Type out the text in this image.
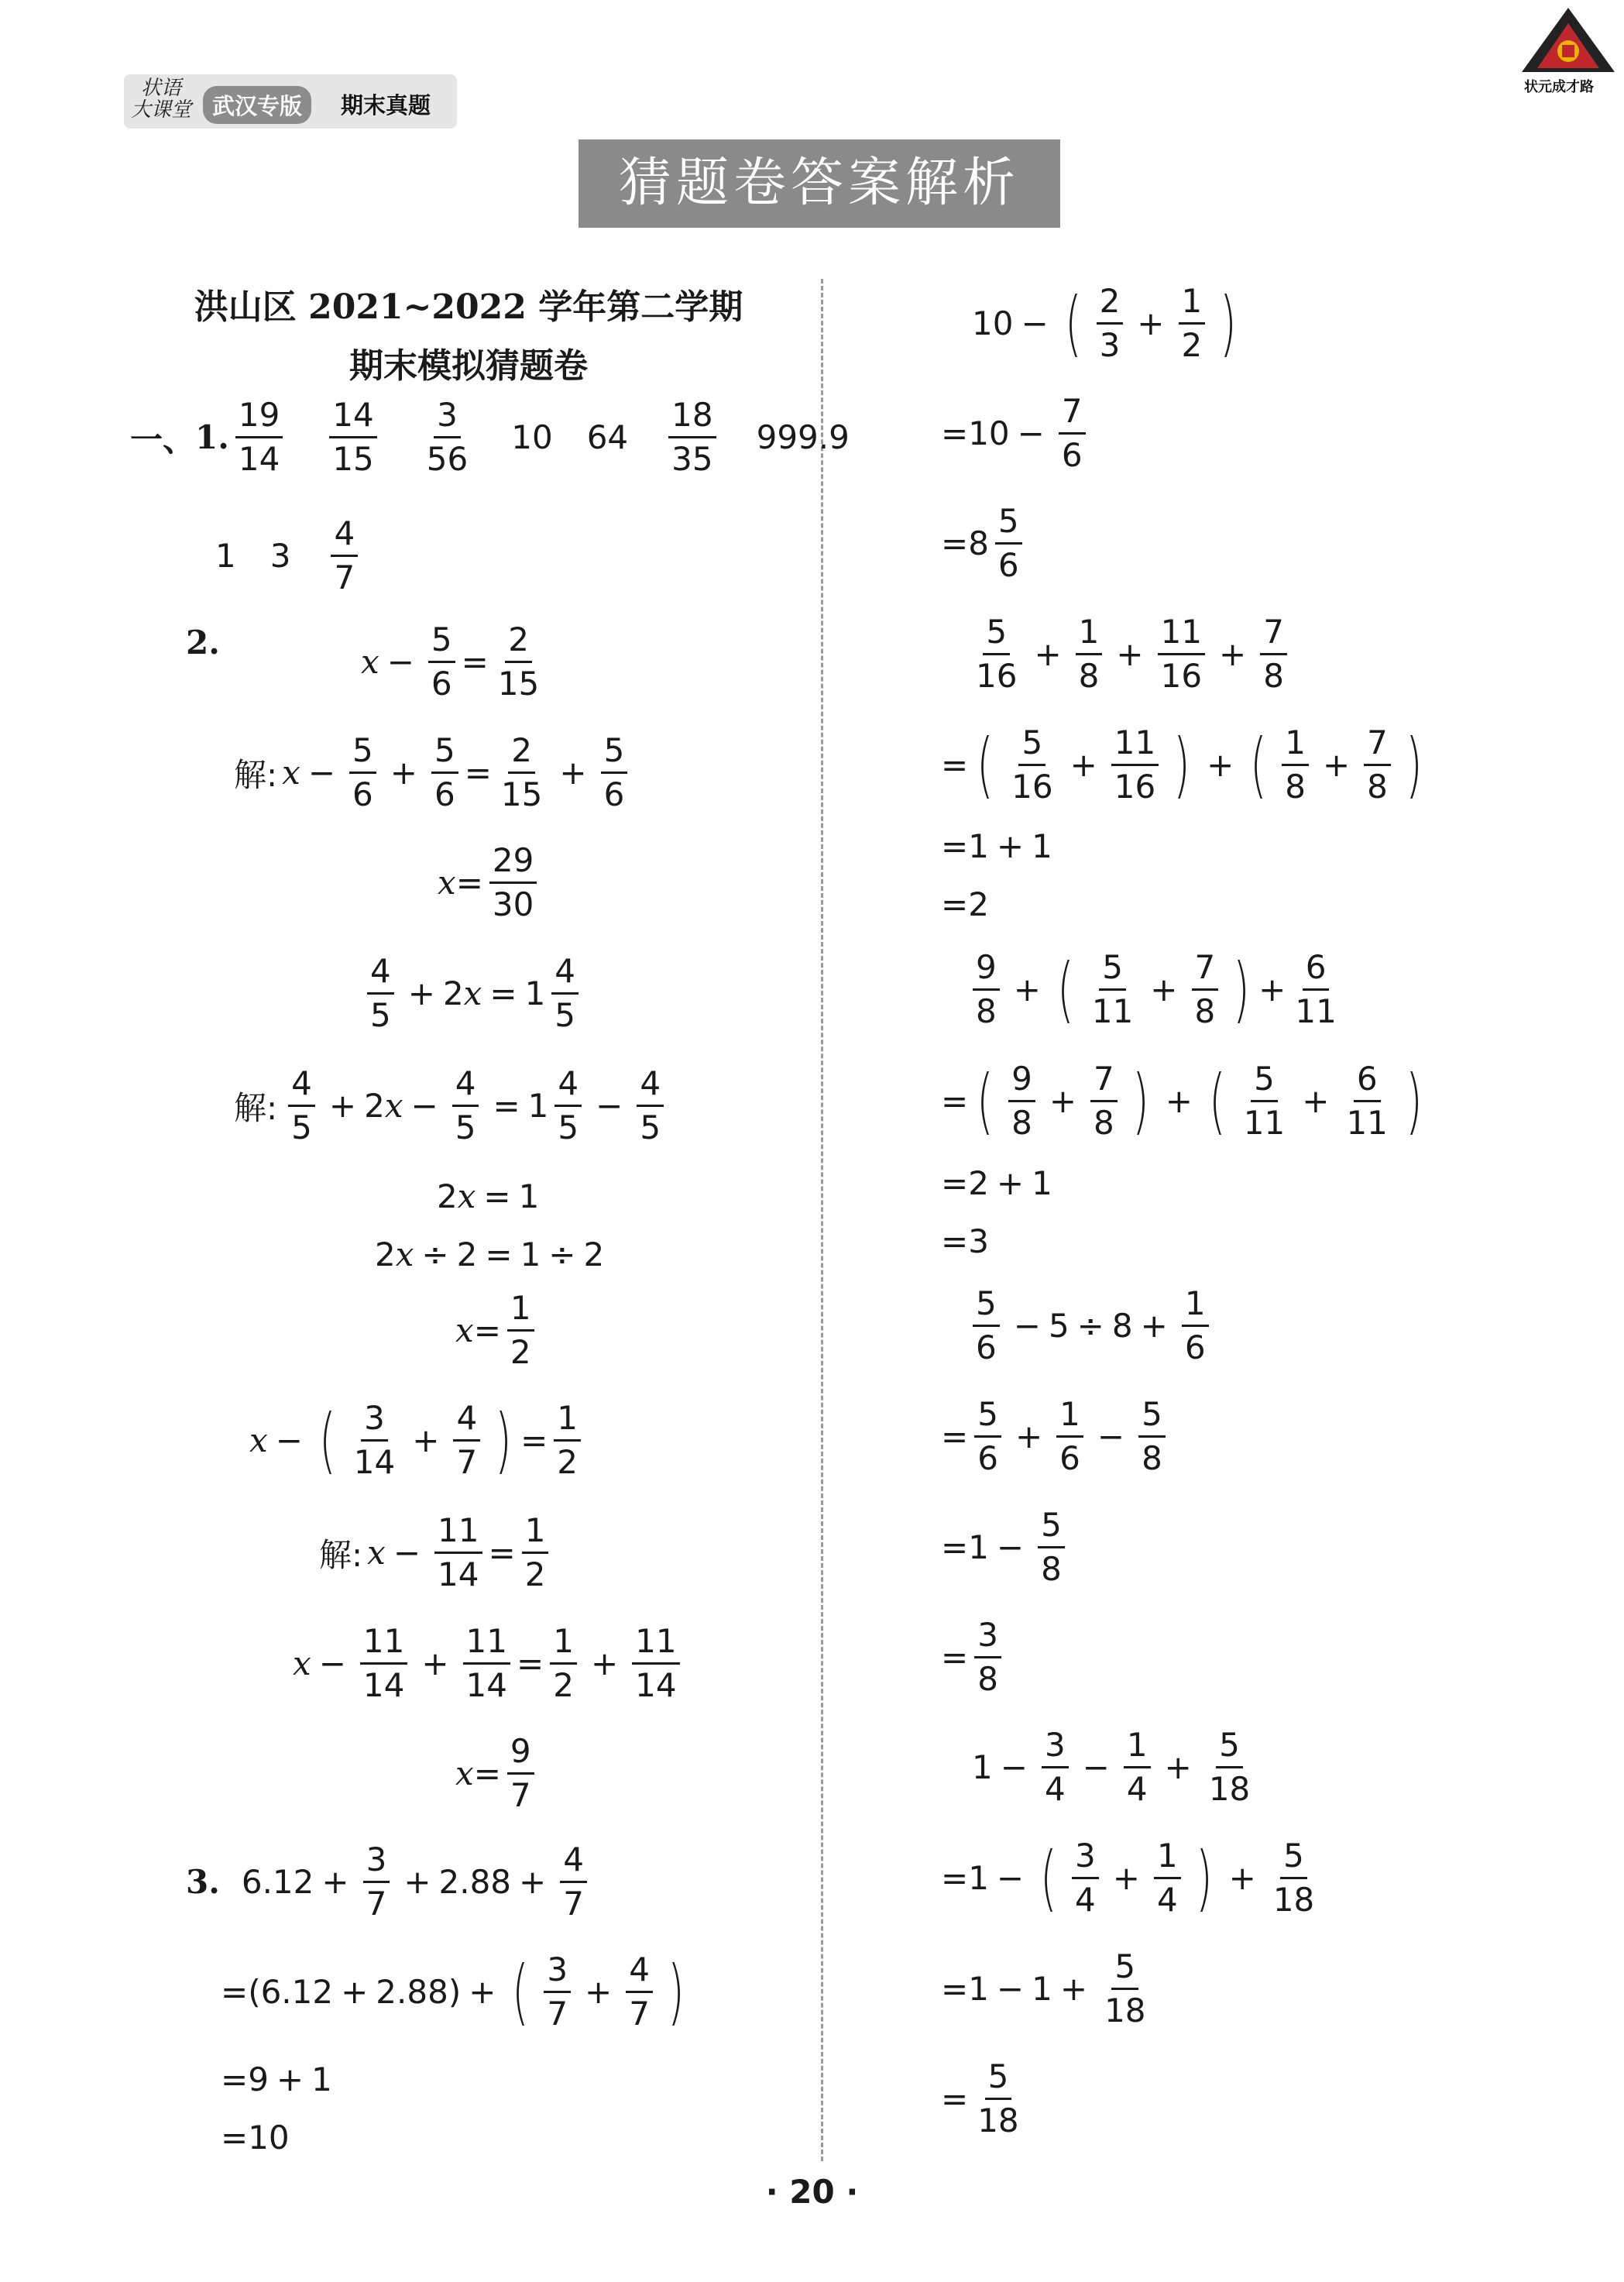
状语
大课堂 武汉专版	期末真题
状元成才路
猜题卷答案解析
洪山区 2021~2022 学年第二学期
期末模拟猜题卷
一、 1. $\frac{19}{14} \frac{14}{15} \frac{3}{56} 10$ $64 \frac{18}{35} 999.9$
1 $3 \frac{4}{7}$
2.
$x - \frac{5}{6} = \frac{2}{15}$
解: $x - \frac{5}{6} + \frac{5}{6} = \frac{2}{15} + \frac{5}{6}$
$x = \frac{29}{30}$
$\frac{4}{5} + 2x = 1 \frac{4}{5}$
解: $\frac{4}{5} + 2x - \frac{4}{5} = 1 \frac{4}{5} - \frac{4}{5}$
2x = 1
2x ÷ 2 = 1 ÷ 2
$x = \frac{1}{2}$
x − ( $\frac{3}{14} + \frac{4}{7}$ ) = $\frac{1}{2}$
解: $x - \frac{11}{14} = \frac{1}{2}$
$x - \frac{11}{14} + \frac{11}{14} = \frac{1}{2} + \frac{11}{14}$
$x = \frac{9}{7}$
3. $6.12 + \frac{3}{7} + 2.88 + \frac{4}{7}$
=(6.12 + 2.88) + ( $\frac{3}{7} + \frac{4}{7}$ )
=9 + 1
=10
10 − ( $\frac{2}{3} + \frac{1}{2}$ )
$=10 - \frac{7}{6}$
$=8 \frac{5}{6}$
$\frac{5}{16} + \frac{1}{8} + \frac{11}{16} + \frac{7}{8}$
= ( $\frac{5}{16} + \frac{11}{16}$ ) + ( $\frac{1}{8} + \frac{7}{8}$ )
=1 + 1
=2
$\frac{9}{8}$ + ( $\frac{5}{11} + \frac{7}{8}$ ) + $\frac{6}{11}$
= ( $\frac{9}{8} + \frac{7}{8}$ ) + ( $\frac{5}{11} + \frac{6}{11}$ )
=2 + 1
=3
$\frac{5}{6} - 5 \div 8 + \frac{1}{6}$
= $\frac{5}{6} + \frac{1}{6} - \frac{5}{8}$
$=1 - \frac{5}{8}$
= $\frac{3}{8}$
$1 - \frac{3}{4} - \frac{1}{4} + \frac{5}{18}$
=1 − ( $\frac{3}{4} + \frac{1}{4}$ ) + $\frac{5}{18}$
$=1 - 1 + \frac{5}{18}$
= $\frac{5}{18}$
· 20 ·
